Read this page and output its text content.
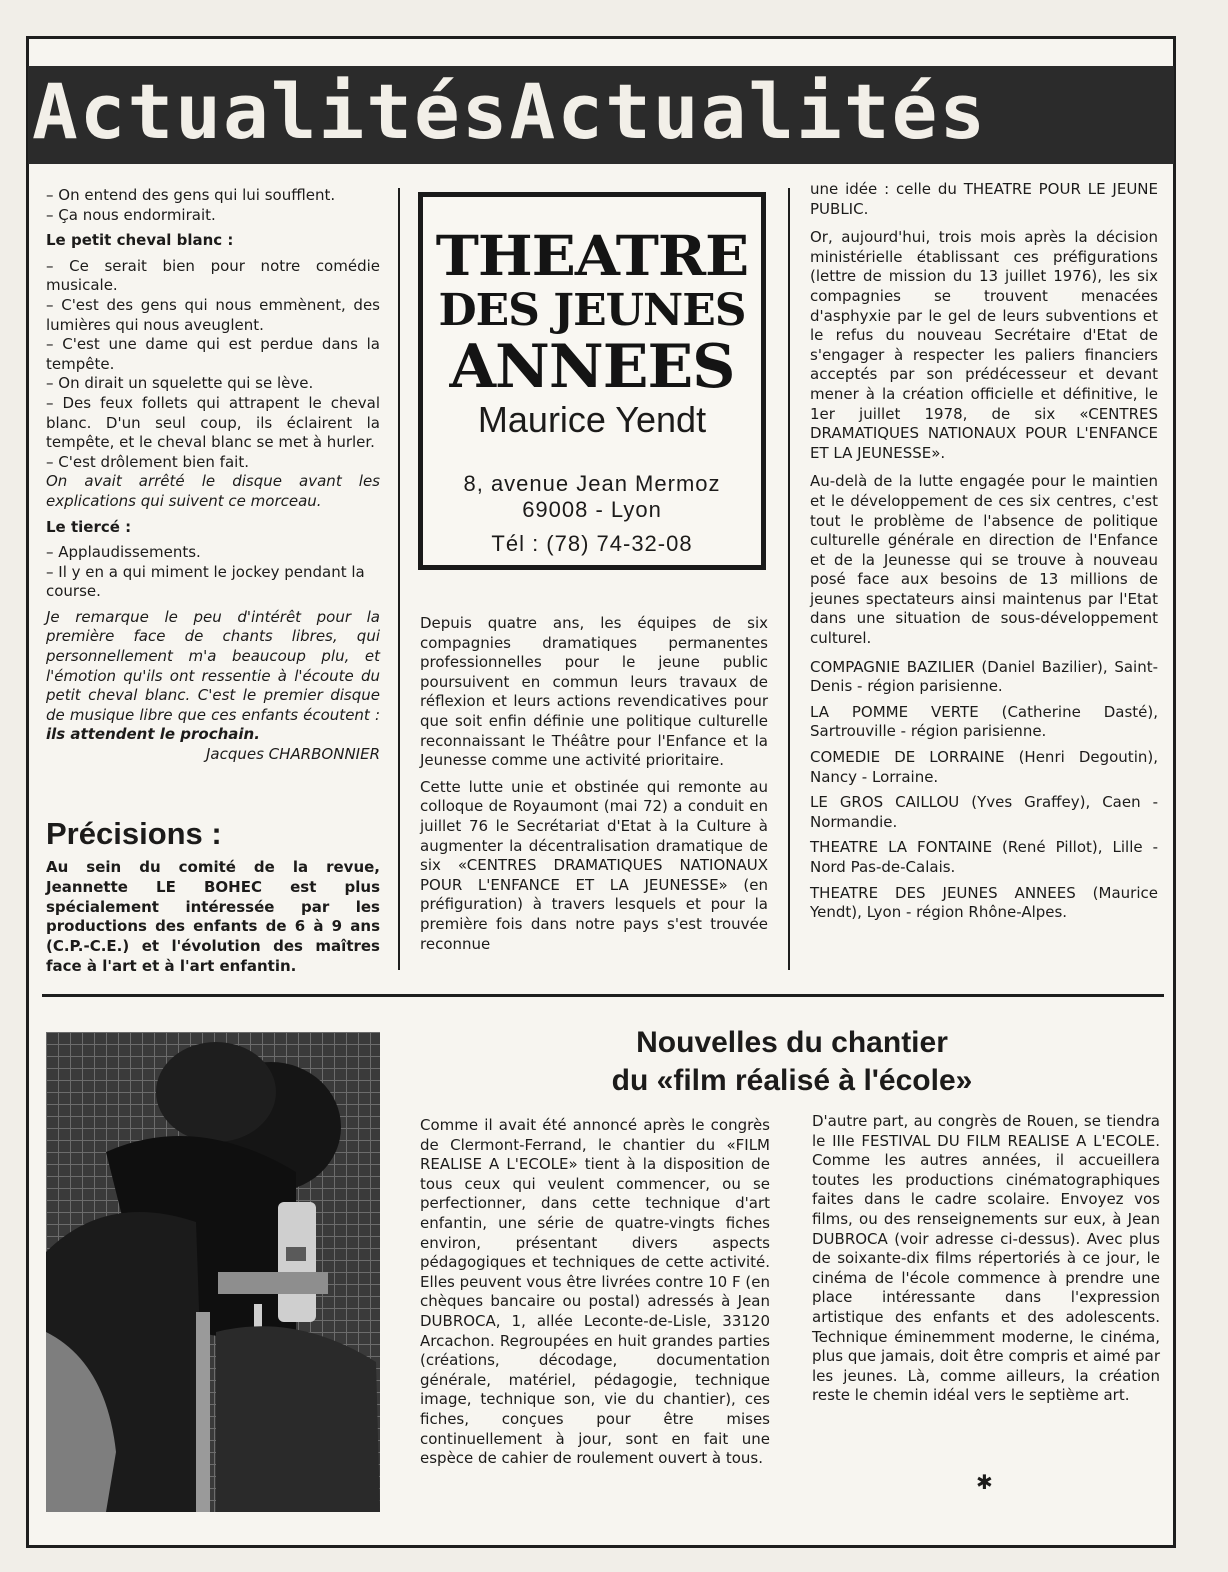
ActualitésActualités

– On entend des gens qui lui soufflent.

– Ça nous endormirait.

Le petit cheval blanc :

– Ce serait bien pour notre comédie musicale.

– C'est des gens qui nous emmènent, des lumières qui nous aveuglent.

– C'est une dame qui est perdue dans la tempête.

– On dirait un squelette qui se lève.

– Des feux follets qui attrapent le cheval blanc. D'un seul coup, ils éclairent la tempête, et le cheval blanc se met à hurler.

– C'est drôlement bien fait.

On avait arrêté le disque avant les explications qui suivent ce morceau.

Le tiercé :

– Applaudissements.

– Il y en a qui miment le jockey pendant la course.

Je remarque le peu d'intérêt pour la première face de chants libres, qui personnellement m'a beaucoup plu, et l'émotion qu'ils ont ressentie à l'écoute du petit cheval blanc. C'est le premier disque de musique libre que ces enfants écoutent : ils attendent le prochain.

Jacques CHARBONNIER

Précisions :
Au sein du comité de la revue, Jeannette LE BOHEC est plus spécialement intéressée par les productions des enfants de 6 à 9 ans (C.P.-C.E.) et l'évolution des maîtres face à l'art et à l'art enfantin.
THEATRE
DES JEUNES
ANNEES
Maurice Yendt
8, avenue Jean Mermoz
69008 - Lyon
Tél : (78) 74-32-08

Depuis quatre ans, les équipes de six compagnies dramatiques permanentes professionnelles pour le jeune public poursuivent en commun leurs travaux de réflexion et leurs actions revendicatives pour que soit enfin définie une politique culturelle reconnaissant le Théâtre pour l'Enfance et la Jeunesse comme une activité prioritaire.

Cette lutte unie et obstinée qui remonte au colloque de Royaumont (mai 72) a conduit en juillet 76 le Secrétariat d'Etat à la Culture à augmenter la décentralisation dramatique de six «CENTRES DRAMATIQUES NATIONAUX POUR L'ENFANCE ET LA JEUNESSE» (en préfiguration) à travers lesquels et pour la première fois dans notre pays s'est trouvée reconnue

une idée : celle du THEATRE POUR LE JEUNE PUBLIC.

Or, aujourd'hui, trois mois après la décision ministérielle établissant ces préfigurations (lettre de mission du 13 juillet 1976), les six compagnies se trouvent menacées d'asphyxie par le gel de leurs subventions et le refus du nouveau Secrétaire d'Etat de s'engager à respecter les paliers financiers acceptés par son prédécesseur et devant mener à la création officielle et définitive, le 1er juillet 1978, de six «CENTRES DRAMATIQUES NATIONAUX POUR L'ENFANCE ET LA JEUNESSE».

Au-delà de la lutte engagée pour le maintien et le développement de ces six centres, c'est tout le problème de l'absence de politique culturelle générale en direction de l'Enfance et de la Jeunesse qui se trouve à nouveau posé face aux besoins de 13 millions de jeunes spectateurs ainsi maintenus par l'Etat dans une situation de sous-développement culturel.

COMPAGNIE BAZILIER (Daniel Bazilier), Saint-Denis - région parisienne.

LA POMME VERTE (Catherine Dasté), Sartrouville - région parisienne.

COMEDIE DE LORRAINE (Henri Degoutin), Nancy - Lorraine.

LE GROS CAILLOU (Yves Graffey), Caen - Normandie.

THEATRE LA FONTAINE (René Pillot), Lille - Nord Pas-de-Calais.

THEATRE DES JEUNES ANNEES (Maurice Yendt), Lyon - région Rhône-Alpes.

Nouvelles du chantier
du «film réalisé à l'école»
Comme il avait été annoncé après le congrès de Clermont-Ferrand, le chantier du «FILM REALISE A L'ECOLE» tient à la disposition de tous ceux qui veulent commencer, ou se perfectionner, dans cette technique d'art enfantin, une série de quatre-vingts fiches environ, présentant divers aspects pédagogiques et techniques de cette activité. Elles peuvent vous être livrées contre 10 F (en chèques bancaire ou postal) adressés à Jean DUBROCA, 1, allée Leconte-de-Lisle, 33120 Arcachon. Regroupées en huit grandes parties (créations, décodage, documentation générale, matériel, pédagogie, technique image, technique son, vie du chantier), ces fiches, conçues pour être mises continuellement à jour, sont en fait une espèce de cahier de roulement ouvert à tous.
D'autre part, au congrès de Rouen, se tiendra le IIIe FESTIVAL DU FILM REALISE A L'ECOLE. Comme les autres années, il accueillera toutes les productions cinématographiques faites dans le cadre scolaire. Envoyez vos films, ou des renseignements sur eux, à Jean DUBROCA (voir adresse ci-dessus). Avec plus de soixante-dix films répertoriés à ce jour, le cinéma de l'école commence à prendre une place intéressante dans l'expression artistique des enfants et des adolescents. Technique éminemment moderne, le cinéma, plus que jamais, doit être compris et aimé par les jeunes. Là, comme ailleurs, la création reste le chemin idéal vers le septième art.
✱
